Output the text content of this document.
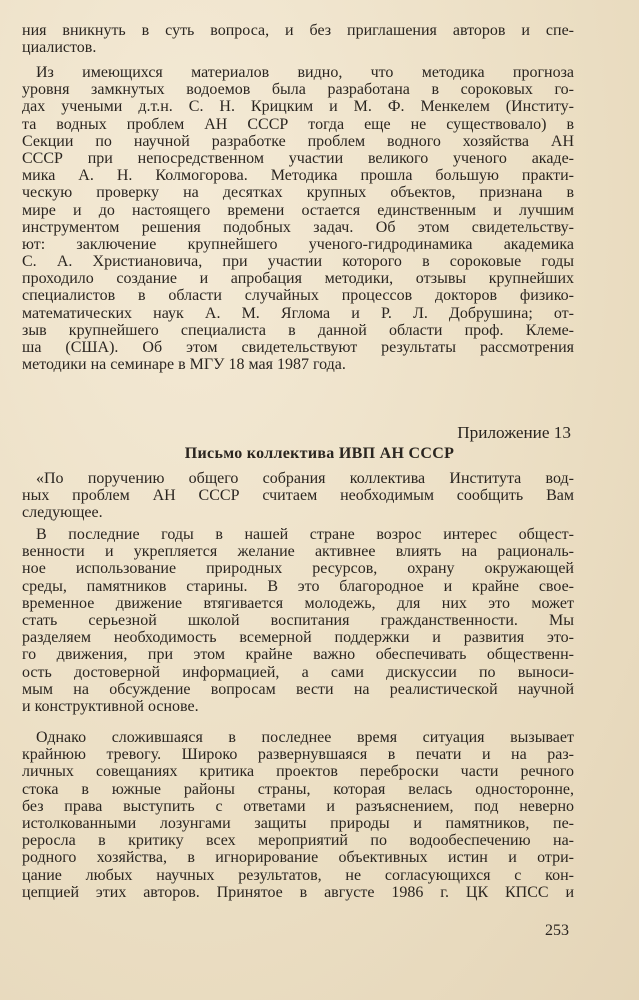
ния вникнуть в суть вопроса, и без приглашения авторов и спе-
циалистов.
Из имеющихся материалов видно, что методика прогноза
уровня замкнутых водоемов была разработана в сороковых го-
дах учеными д.т.н. С. Н. Крицким и М. Ф. Менкелем (Институ-
та водных проблем АН СССР тогда еще не существовало) в
Секции по научной разработке проблем водного хозяйства АН
СССР при непосредственном участии великого ученого акаде-
мика А. Н. Колмогорова. Методика прошла большую практи-
ческую проверку на десятках крупных объектов, признана в
мире и до настоящего времени остается единственным и лучшим
инструментом решения подобных задач. Об этом свидетельству-
ют: заключение крупнейшего ученого-гидродинамика академика
С. А. Христиановича, при участии которого в сороковые годы
проходило создание и апробация методики, отзывы крупнейших
специалистов в области случайных процессов докторов физико-
математических наук А. М. Яглома и Р. Л. Добрушина; от-
зыв крупнейшего специалиста в данной области проф. Клеме-
ша (США). Об этом свидетельствуют результаты рассмотрения
методики на семинаре в МГУ 18 мая 1987 года.
Приложение 13
Письмо коллектива ИВП АН СССР
«По поручению общего собрания коллектива Института вод-
ных проблем АН СССР считаем необходимым сообщить Вам
следующее.
В последние годы в нашей стране возрос интерес общест-
венности и укрепляется желание активнее влиять на рациональ-
ное использование природных ресурсов, охрану окружающей
среды, памятников старины. В это благородное и крайне свое-
временное движение втягивается молодежь, для них это может
стать серьезной школой воспитания гражданственности. Мы
разделяем необходимость всемерной поддержки и развития это-
го движения, при этом крайне важно обеспечивать общественн-
ость достоверной информацией, а сами дискуссии по выноси-
мым на обсуждение вопросам вести на реалистической научной
и конструктивной основе.
Однако сложившаяся в последнее время ситуация вызывает
крайнюю тревогу. Широко развернувшаяся в печати и на раз-
личных совещаниях критика проектов переброски части речного
стока в южные районы страны, которая велась односторонне,
без права выступить с ответами и разъяснением, под неверно
истолкованными лозунгами защиты природы и памятников, пе-
реросла в критику всех мероприятий по водообеспечению на-
родного хозяйства, в игнорирование объективных истин и отри-
цание любых научных результатов, не согласующихся с кон-
цепцией этих авторов. Принятое в августе 1986 г. ЦК КПСС и
253
